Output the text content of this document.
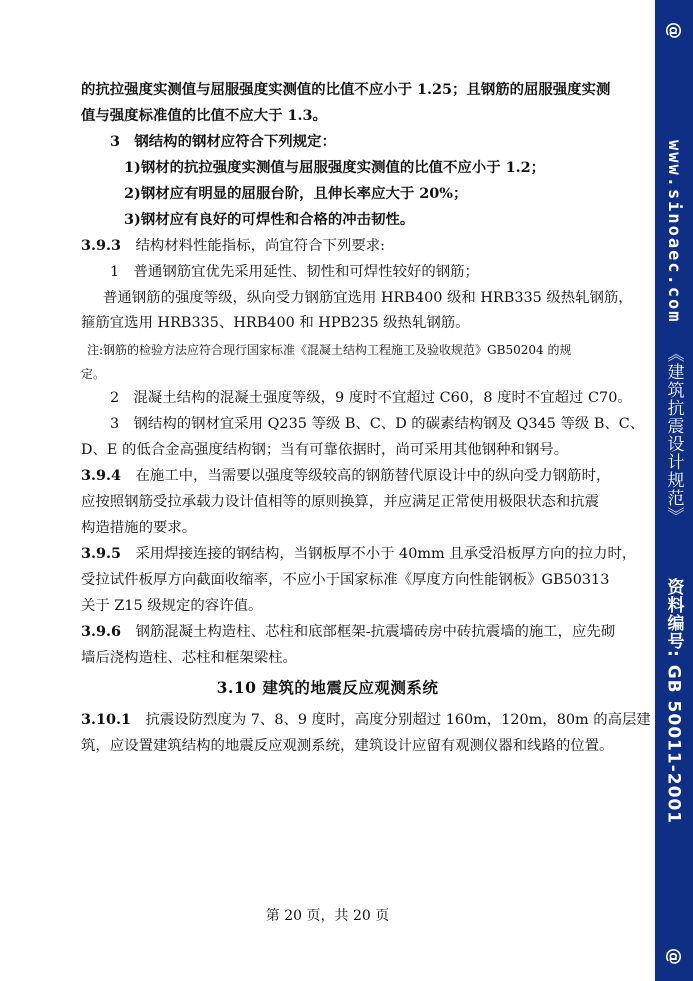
的抗拉强度实测值与屈服强度实测值的比值不应小于 1.25；且钢筋的屈服强度实测
值与强度标准值的比值不应大于 1.3。
3　钢结构的钢材应符合下列规定：
1)钢材的抗拉强度实测值与屈服强度实测值的比值不应小于 1.2；
2)钢材应有明显的屈服台阶，且伸长率应大于 20%；
3)钢材应有良好的可焊性和合格的冲击韧性。
3.9.3　结构材料性能指标，尚宜符合下列要求:
1　普通钢筋宜优先采用延性、韧性和可焊性较好的钢筋；
普通钢筋的强度等级，纵向受力钢筋宜选用 HRB400 级和 HRB335 级热轧钢筋，
箍筋宜选用 HRB335、HRB400 和 HPB235 级热轧钢筋。
注:钢筋的检验方法应符合现行国家标准《混凝土结构工程施工及验收规范》GB50204 的规
定。
2　混凝土结构的混凝土强度等级，9 度时不宜超过 C60，8 度时不宜超过 C70。
3　钢结构的钢材宜采用 Q235 等级 B、C、D 的碳素结构钢及 Q345 等级 B、C、
D、E 的低合金高强度结构钢；当有可靠依据时，尚可采用其他钢种和钢号。
3.9.4　在施工中，当需要以强度等级较高的钢筋替代原设计中的纵向受力钢筋时，
应按照钢筋受拉承载力设计值相等的原则换算，并应满足正常使用极限状态和抗震
构造措施的要求。
3.9.5　采用焊接连接的钢结构，当钢板厚不小于 40mm 且承受沿板厚方向的拉力时，
受拉试件板厚方向截面收缩率，不应小于国家标准《厚度方向性能钢板》GB50313
关于 Z15 级规定的容许值。
3.9.6　钢筋混凝土构造柱、芯柱和底部框架-抗震墙砖房中砖抗震墙的施工，应先砌
墙后浇构造柱、芯柱和框架梁柱。
3.10 建筑的地震反应观测系统
3.10.1　抗震设防烈度为 7、8、9 度时，高度分别超过 160m，120m，80m 的高层建
筑，应设置建筑结构的地震反应观测系统，建筑设计应留有观测仪器和线路的位置。
第 20 页，共 20 页
@
www.sinoaec.com
《建筑抗震设计规范》
资料编号: GB 50011-2001
@
